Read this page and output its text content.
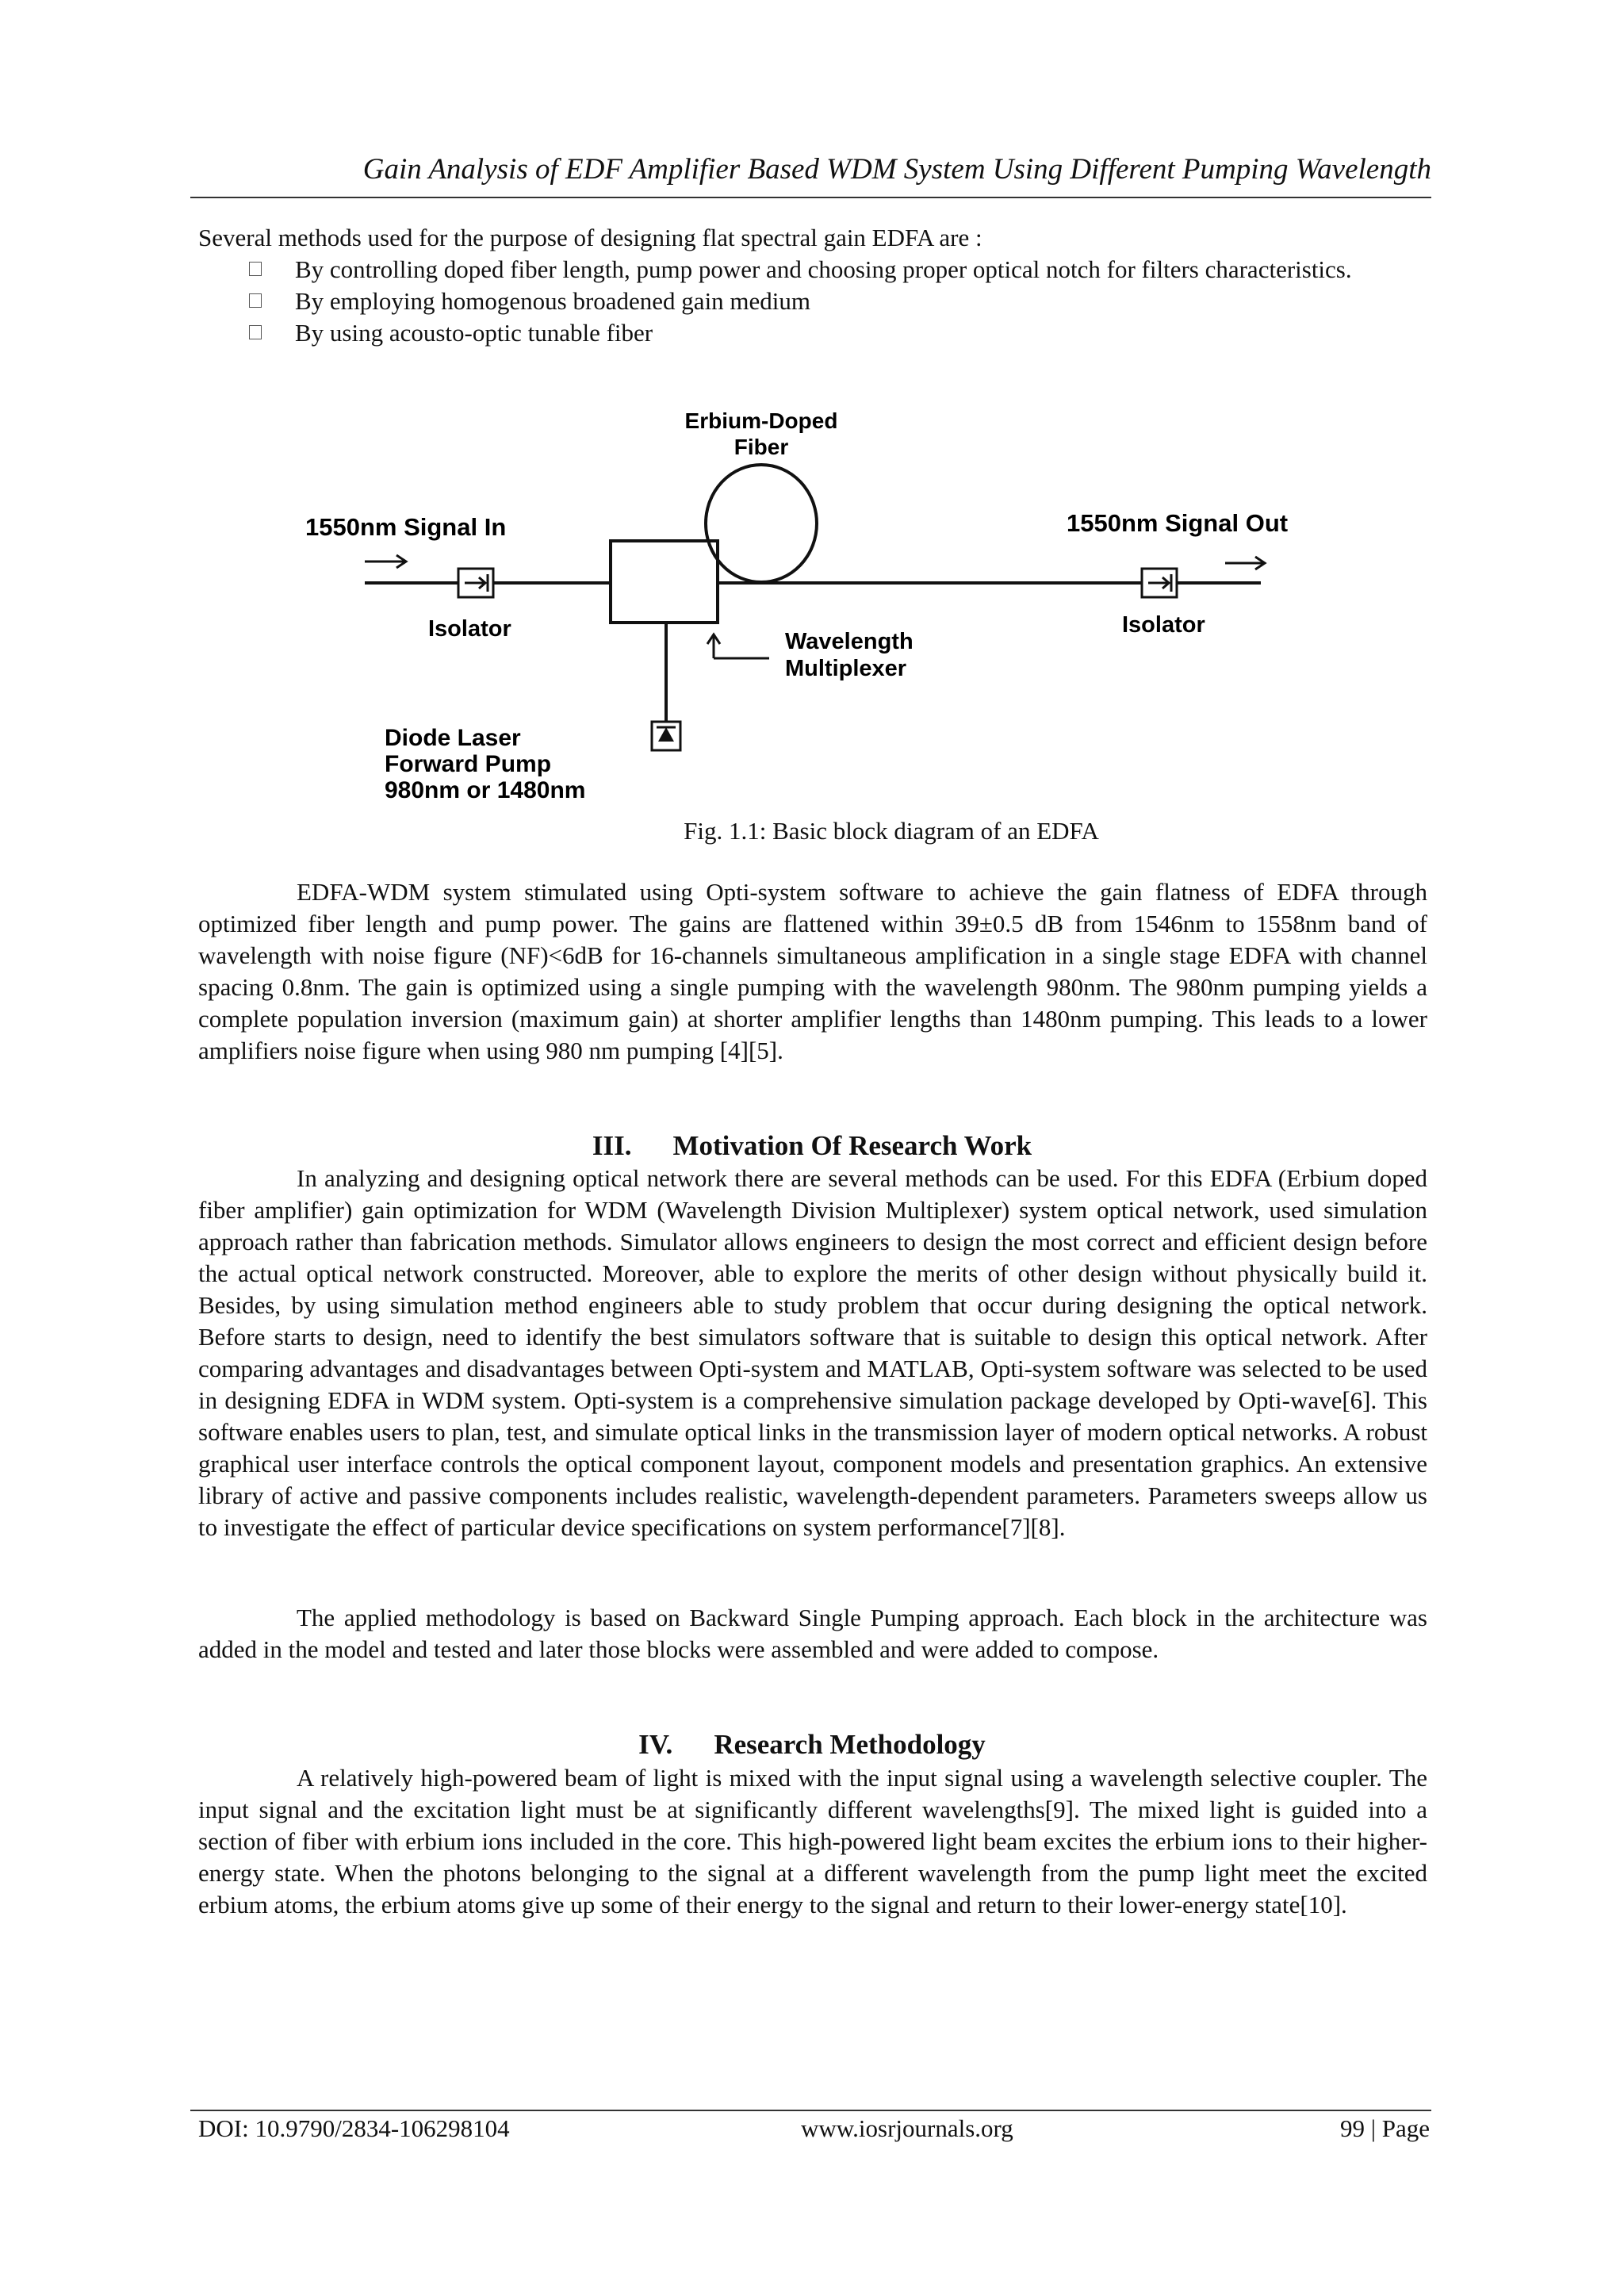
Gain Analysis of EDF Amplifier Based WDM System Using Different Pumping Wavelength
Several methods used for the purpose of designing flat spectral gain EDFA are :
By controlling doped fiber length, pump power and choosing proper optical notch for filters characteristics.
By employing homogenous broadened gain medium
By using acousto-optic tunable fiber
Erbium-Doped
Fiber
1550nm Signal In	1550nm Signal Out
Isolator	Isolator
Wavelength
Multiplexer
Diode Laser
Forward Pump
980nm or 1480nm
Fig. 1.1: Basic block diagram of an EDFA
EDFA-WDM system stimulated using Opti-system software to achieve the gain flatness of EDFA through optimized fiber length and pump power. The gains are flattened within 39±0.5 dB from 1546nm to 1558nm band of wavelength with noise figure (NF)<6dB for 16-channels simultaneous amplification in a single stage EDFA with channel spacing 0.8nm. The gain is optimized using a single pumping with the wavelength 980nm. The 980nm pumping yields a complete population inversion (maximum gain) at shorter amplifier lengths than 1480nm pumping. This leads to a lower amplifiers noise figure when using 980 nm pumping [4][5].
III. Motivation Of Research Work
In analyzing and designing optical network there are several methods can be used. For this EDFA (Erbium doped fiber amplifier) gain optimization for WDM (Wavelength Division Multiplexer) system optical network, used simulation approach rather than fabrication methods. Simulator allows engineers to design the most correct and efficient design before the actual optical network constructed. Moreover, able to explore the merits of other design without physically build it. Besides, by using simulation method engineers able to study problem that occur during designing the optical network. Before starts to design, need to identify the best simulators software that is suitable to design this optical network. After comparing advantages and disadvantages between Opti-system and MATLAB, Opti-system software was selected to be used in designing EDFA in WDM system. Opti-system is a comprehensive simulation package developed by Opti-wave[6]. This software enables users to plan, test, and simulate optical links in the transmission layer of modern optical networks. A robust graphical user interface controls the optical component layout, component models and presentation graphics. An extensive library of active and passive components includes realistic, wavelength-dependent parameters. Parameters sweeps allow us to investigate the effect of particular device specifications on system performance[7][8].
The applied methodology is based on Backward Single Pumping approach. Each block in the architecture was added in the model and tested and later those blocks were assembled and were added to compose.
IV. Research Methodology
A relatively high-powered beam of light is mixed with the input signal using a wavelength selective coupler. The input signal and the excitation light must be at significantly different wavelengths[9]. The mixed light is guided into a section of fiber with erbium ions included in the core. This high-powered light beam excites the erbium ions to their higher-energy state. When the photons belonging to the signal at a different wavelength from the pump light meet the excited erbium atoms, the erbium atoms give up some of their energy to the signal and return to their lower-energy state[10].
DOI: 10.9790/2834-106298104	www.iosrjournals.org	99 | Page
